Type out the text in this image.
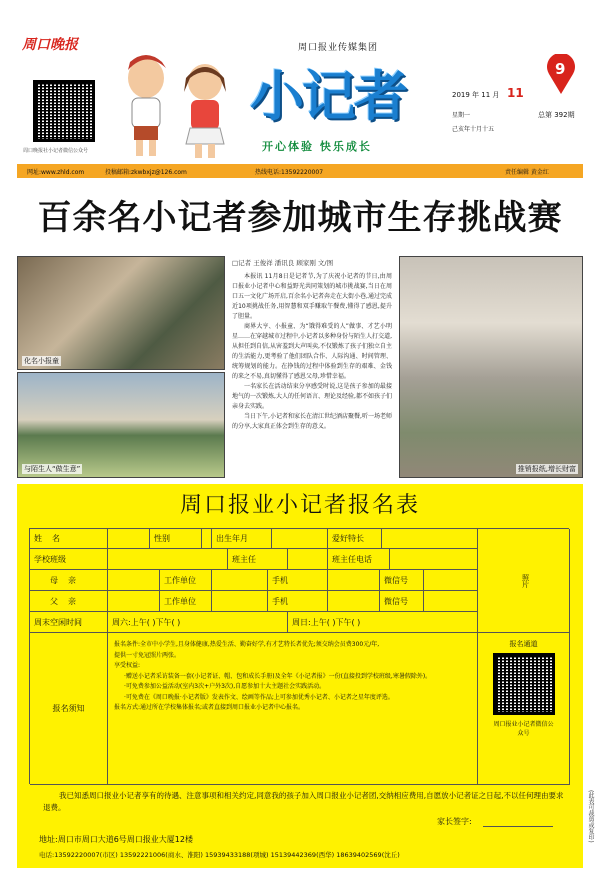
周口晚报
周口晚报社小记者微信公众号
周口报业传媒集团
小记者
开心体验 快乐成长
2019 年 11 月 11
星期一
己亥年十月十五
9
总第 392期
网址:www.zhld.com	投稿邮箱:zkwbxjz@126.com	热线电话:13592220007	责任编辑 黄金红
百余名小记者参加城市生存挑战赛
化名小报童
与陌生人“做生意”
□记者 王俊祥 潘讯良 顾家刚 文/图

本报讯 11月8日是记者节,为了庆祝小记者的节日,由周口报业小记者中心和益野光共同策划的城市挑战赛,当日在周口五一文化广场开启,百余名小记者奔走在大街小巷,通过完成近10项挑战任务,用智慧和双手赚取午餐费,懂得了感恩,提升了胆量。

商界大亨、小报童、为“饿得难受的人”做事、才艺小明星……在穿越城市过程中,小记者以多种身份与陌生人打交道,从担任到自信,从害羞到大声叫卖,不仅锻炼了孩子们独立自主的生活能力,更考验了他们团队合作、人际沟通、时间管理、统筹规划的能力。在挣钱的过程中体验到生存的艰难、金钱的来之不易,真切懂得了感恩父母,珍惜幸福。

一名家长在活动结束分享感受时说,这是孩子参加的最接地气的一次锻炼,大人的任何语言、理论及经验,都不如孩子们亲身去实践。

当日下午,小记者和家长在清江世纪酒店聚餐,听一场老师的分享,大家真正体会到生存的意义。

推销报纸,增长财富
周口报业小记者报名表
姓名	性别	出生年月	爱好特长
照片
学校班级	班主任	班主任电话
母亲	工作单位	手机	微信号
父亲	工作单位	手机	微信号
周末空闲时间	周六:上午( )下午( )	周日:上午( )下午( )
报名须知

报名条件:全市中小学生,且身体健康,热爱生活、勤奋好学,有才艺特长者优先;须交纳会员费300元/年,

提供一寸免冠照片两张。

享受权益:

·赠送小记者采访装备一套(小记者证、帽、包和成长手册)及全年《小记者报》一份(直接投到学校班级,寒暑假除外)。

·可免费参加公益活动(室内3次+户外3次),自愿参加十大主题社会实践活动。

·可免费在《周口晚报·小记者版》发表作文、绘画等作品;上可参加优秀小记者、小记者之星年度评选。

报名方式:通过所在学校集体报名;或者直接到周口报业小记者中心报名。

报名通道
周口报业小记者微信公众号
我已知悉周口报业小记者享有的待遇、注意事项和相关约定,同意我的孩子加入周口报业小记者团,交纳相应费用,自愿放小记者证之日起,不以任何理由要求退费。
家长签字:
地址:周口市周口大道6号周口报业大厦12楼
电话:13592220007(市区) 13592221006(商水、淮阳) 15939433188(项城) 15139442369(西华) 18639402569(沈丘)
(此表可裁剪或复印)
